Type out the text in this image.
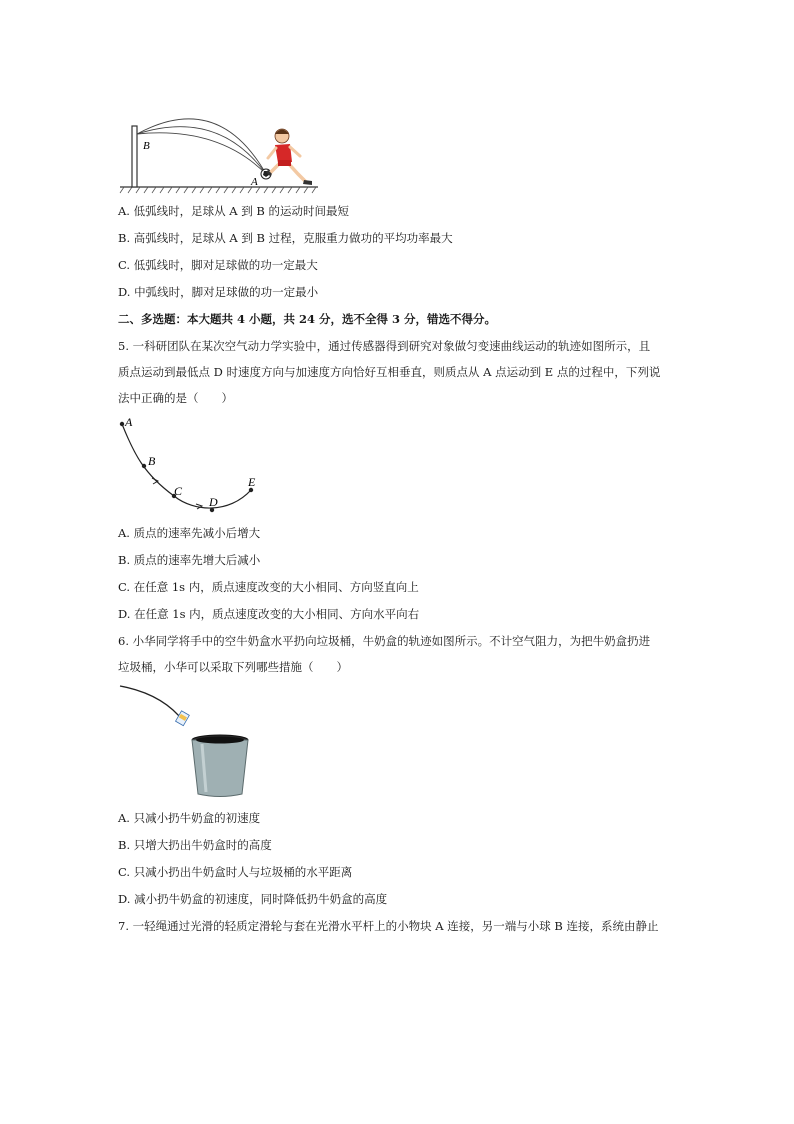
B
A
A. 低弧线时，足球从 A 到 B 的运动时间最短
B. 高弧线时，足球从 A 到 B 过程，克服重力做功的平均功率最大
C. 低弧线时，脚对足球做的功一定最大
D. 中弧线时，脚对足球做的功一定最小
二、多选题：本大题共 4 小题，共 24 分，选不全得 3 分，错选不得分。
5. 一科研团队在某次空气动力学实验中，通过传感器得到研究对象做匀变速曲线运动的轨迹如图所示，且
质点运动到最低点 D 时速度方向与加速度方向恰好互相垂直，则质点从 A 点运动到 E 点的过程中，下列说
法中正确的是（　　）
A
B
C
D
E
A. 质点的速率先减小后增大
B. 质点的速率先增大后减小
C. 在任意 1s 内，质点速度改变的大小相同、方向竖直向上
D. 在任意 1s 内，质点速度改变的大小相同、方向水平向右
6. 小华同学将手中的空牛奶盒水平扔向垃圾桶，牛奶盒的轨迹如图所示。不计空气阻力，为把牛奶盒扔进
垃圾桶，小华可以采取下列哪些措施（　　）
A. 只减小扔牛奶盒的初速度
B. 只增大扔出牛奶盒时的高度
C. 只减小扔出牛奶盒时人与垃圾桶的水平距离
D. 减小扔牛奶盒的初速度，同时降低扔牛奶盒的高度
7. 一轻绳通过光滑的轻质定滑轮与套在光滑水平杆上的小物块 A 连接，另一端与小球 B 连接，系统由静止
